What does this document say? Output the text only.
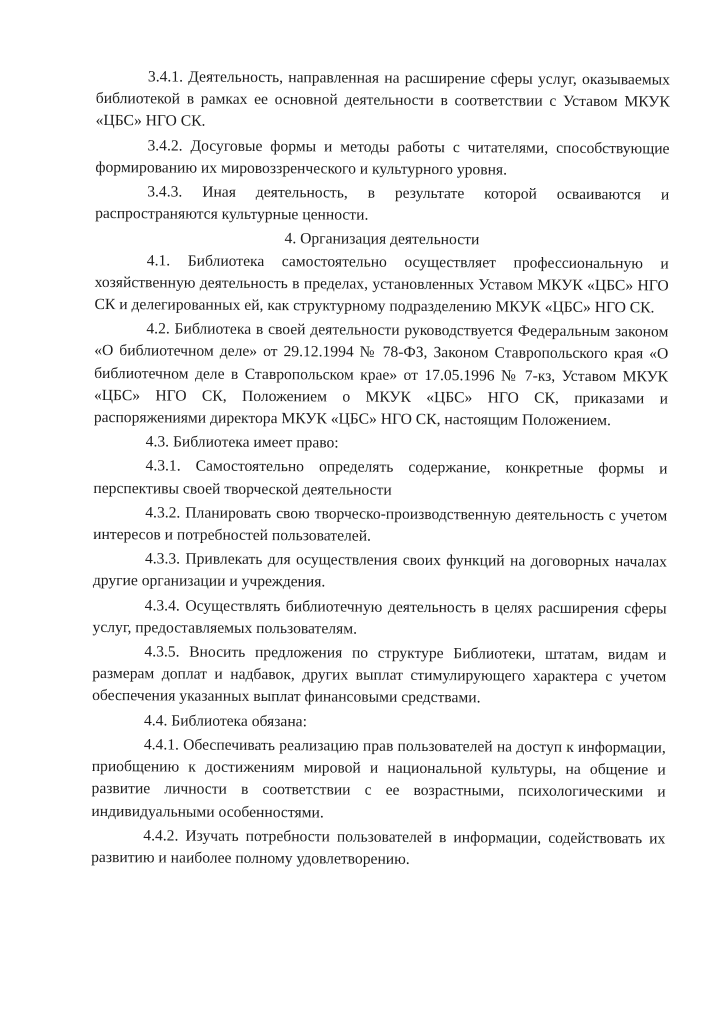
3.4.1. Деятельность, направленная на расширение сферы услуг, оказываемых библиотекой в рамках ее основной деятельности в соответствии с Уставом МКУК «ЦБС» НГО СК.

3.4.2. Досуговые формы и методы работы с читателями, способствующие формированию их мировоззренческого и культурного уровня.

3.4.3. Иная деятельность, в результате которой осваиваются и распространяются культурные ценности.

4. Организация деятельности

4.1. Библиотека самостоятельно осуществляет профессиональную и хозяйственную деятельность в пределах, установленных Уставом МКУК «ЦБС» НГО СК и делегированных ей, как структурному подразделению МКУК «ЦБС» НГО СК.

4.2. Библиотека в своей деятельности руководствуется Федеральным законом «О библиотечном деле» от 29.12.1994 № 78-ФЗ, Законом Ставропольского края «О библиотечном деле в Ставропольском крае» от 17.05.1996 № 7-кз, Уставом МКУК «ЦБС» НГО СК, Положением о МКУК «ЦБС» НГО СК, приказами и распоряжениями директора МКУК «ЦБС» НГО СК, настоящим Положением.

4.3. Библиотека имеет право:

4.3.1. Самостоятельно определять содержание, конкретные формы и перспективы своей творческой деятельности

4.3.2. Планировать свою творческо-производственную деятельность с учетом интересов и потребностей пользователей.

4.3.3. Привлекать для осуществления своих функций на договорных началах другие организации и учреждения.

4.3.4. Осуществлять библиотечную деятельность в целях расширения сферы услуг, предоставляемых пользователям.

4.3.5. Вносить предложения по структуре Библиотеки, штатам, видам и размерам доплат и надбавок, других выплат стимулирующего характера с учетом обеспечения указанных выплат финансовыми средствами.

4.4. Библиотека обязана:

4.4.1. Обеспечивать реализацию прав пользователей на доступ к информации, приобщению к достижениям мировой и национальной культуры, на общение и развитие личности в соответствии с ее возрастными, психологическими и индивидуальными особенностями.

4.4.2. Изучать потребности пользователей в информации, содействовать их развитию и наиболее полному удовлетворению.
